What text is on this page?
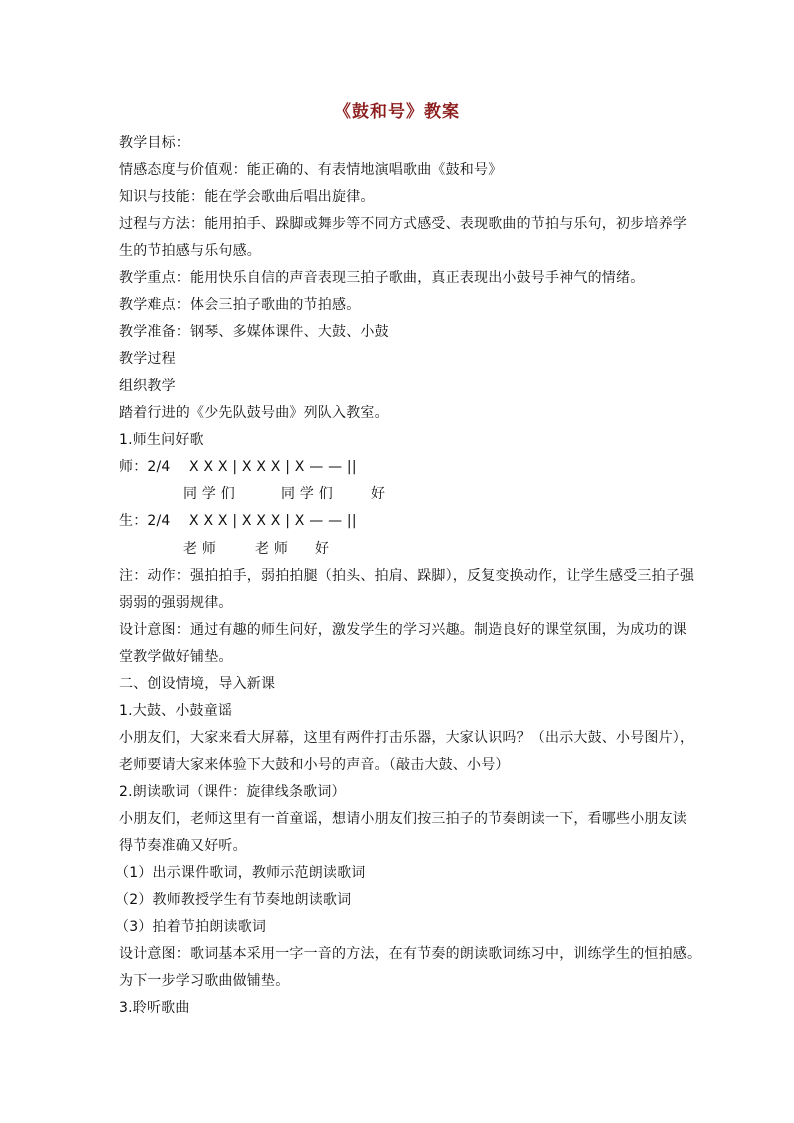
《鼓和号》教案
教学目标：
情感态度与价值观：能正确的、有表情地演唱歌曲《鼓和号》
知识与技能：能在学会歌曲后唱出旋律。
过程与方法：能用拍手、跺脚或舞步等不同方式感受、表现歌曲的节拍与乐句，初步培养学
生的节拍感与乐句感。
教学重点：能用快乐自信的声音表现三拍子歌曲，真正表现出小鼓号手神气的情绪。
教学难点：体会三拍子歌曲的节拍感。
教学准备：钢琴、多媒体课件、大鼓、小鼓
教学过程
组织教学
踏着行进的《少先队鼓号曲》列队入教室。
1.师生问好歌
师：2/4 X X X | X X X | X — — ||
同 学 们	同 学 们	好
生：2/4 X X X | X X X | X — — ||
老 师	老 师 好
注：动作：强拍拍手，弱拍拍腿（拍头、拍肩、跺脚），反复变换动作，让学生感受三拍子强
弱弱的强弱规律。
设计意图：通过有趣的师生问好，激发学生的学习兴趣。制造良好的课堂氛围，为成功的课
堂教学做好铺垫。
二、创设情境，导入新课
1.大鼓、小鼓童谣
小朋友们，大家来看大屏幕，这里有两件打击乐器，大家认识吗？（出示大鼓、小号图片），
老师要请大家来体验下大鼓和小号的声音。（敲击大鼓、小号）
2.朗读歌词（课件：旋律线条歌词）
小朋友们，老师这里有一首童谣，想请小朋友们按三拍子的节奏朗读一下，看哪些小朋友读
得节奏准确又好听。
（1）出示课件歌词，教师示范朗读歌词
（2）教师教授学生有节奏地朗读歌词
（3）拍着节拍朗读歌词
设计意图：歌词基本采用一字一音的方法，在有节奏的朗读歌词练习中，训练学生的恒拍感。
为下一步学习歌曲做铺垫。
3.聆听歌曲
